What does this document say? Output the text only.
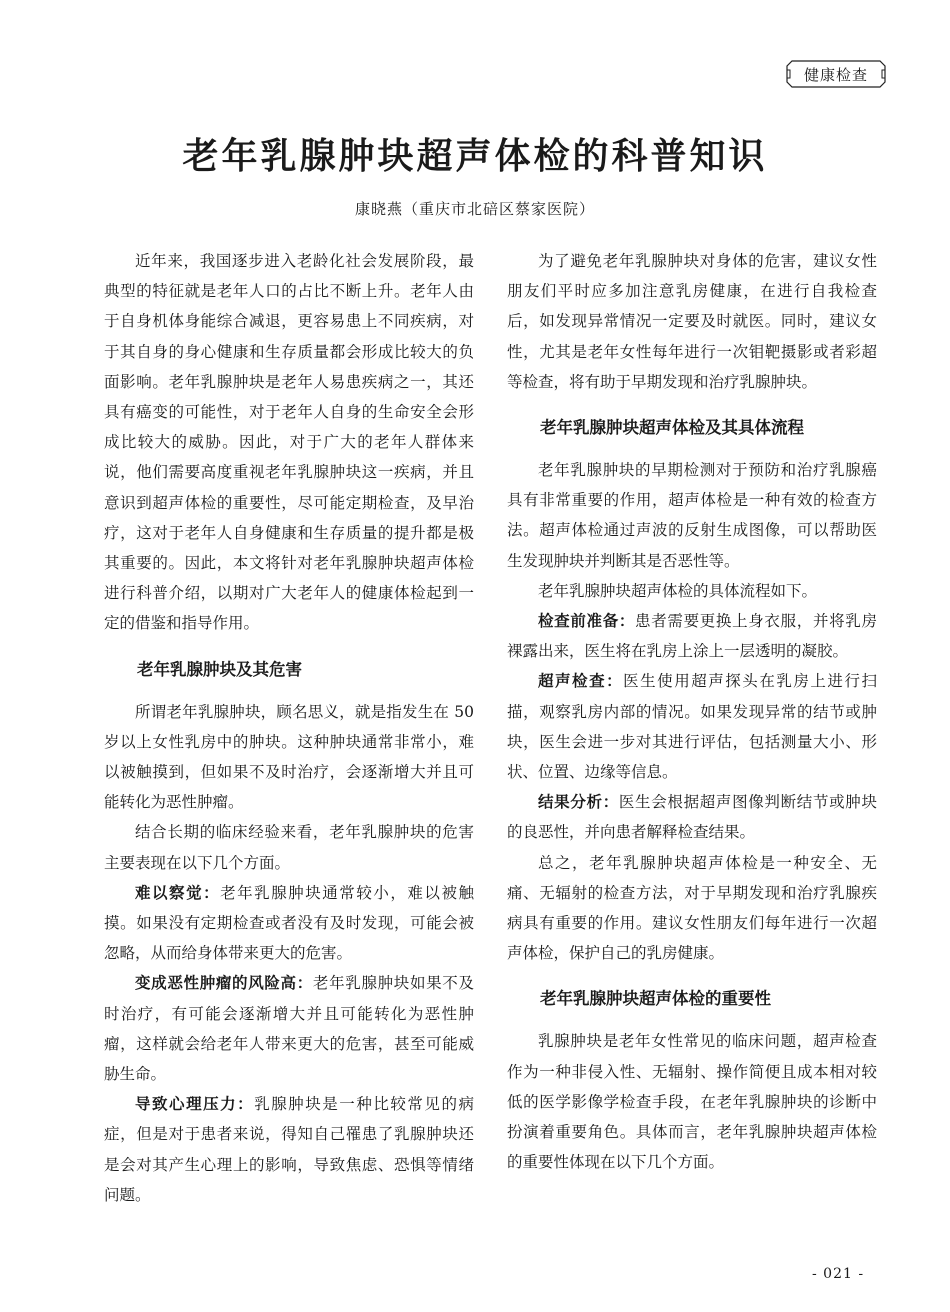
健康检查
老年乳腺肿块超声体检的科普知识
康晓燕（重庆市北碚区蔡家医院）

近年来，我国逐步进入老龄化社会发展阶段，最典型的特征就是老年人口的占比不断上升。老年人由于自身机体身能综合减退，更容易患上不同疾病，对于其自身的身心健康和生存质量都会形成比较大的负面影响。老年乳腺肿块是老年人易患疾病之一，其还具有癌变的可能性，对于老年人自身的生命安全会形成比较大的威胁。因此，对于广大的老年人群体来说，他们需要高度重视老年乳腺肿块这一疾病，并且意识到超声体检的重要性，尽可能定期检查，及早治疗，这对于老年人自身健康和生存质量的提升都是极其重要的。因此，本文将针对老年乳腺肿块超声体检进行科普介绍，以期对广大老年人的健康体检起到一定的借鉴和指导作用。

老年乳腺肿块及其危害

所谓老年乳腺肿块，顾名思义，就是指发生在 50 岁以上女性乳房中的肿块。这种肿块通常非常小，难以被触摸到，但如果不及时治疗，会逐渐增大并且可能转化为恶性肿瘤。

结合长期的临床经验来看，老年乳腺肿块的危害主要表现在以下几个方面。

难以察觉：老年乳腺肿块通常较小，难以被触摸。如果没有定期检查或者没有及时发现，可能会被忽略，从而给身体带来更大的危害。

变成恶性肿瘤的风险高：老年乳腺肿块如果不及时治疗，有可能会逐渐增大并且可能转化为恶性肿瘤，这样就会给老年人带来更大的危害，甚至可能威胁生命。

导致心理压力：乳腺肿块是一种比较常见的病症，但是对于患者来说，得知自己罹患了乳腺肿块还是会对其产生心理上的影响，导致焦虑、恐惧等情绪问题。

为了避免老年乳腺肿块对身体的危害，建议女性朋友们平时应多加注意乳房健康，在进行自我检查后，如发现异常情况一定要及时就医。同时，建议女性，尤其是老年女性每年进行一次钼靶摄影或者彩超等检查，将有助于早期发现和治疗乳腺肿块。

老年乳腺肿块超声体检及其具体流程

老年乳腺肿块的早期检测对于预防和治疗乳腺癌具有非常重要的作用，超声体检是一种有效的检查方法。超声体检通过声波的反射生成图像，可以帮助医生发现肿块并判断其是否恶性等。

老年乳腺肿块超声体检的具体流程如下。

检查前准备：患者需要更换上身衣服，并将乳房裸露出来，医生将在乳房上涂上一层透明的凝胶。

超声检查：医生使用超声探头在乳房上进行扫描，观察乳房内部的情况。如果发现异常的结节或肿块，医生会进一步对其进行评估，包括测量大小、形状、位置、边缘等信息。

结果分析：医生会根据超声图像判断结节或肿块的良恶性，并向患者解释检查结果。

总之，老年乳腺肿块超声体检是一种安全、无痛、无辐射的检查方法，对于早期发现和治疗乳腺疾病具有重要的作用。建议女性朋友们每年进行一次超声体检，保护自己的乳房健康。

老年乳腺肿块超声体检的重要性

乳腺肿块是老年女性常见的临床问题，超声检查作为一种非侵入性、无辐射、操作简便且成本相对较低的医学影像学检查手段，在老年乳腺肿块的诊断中扮演着重要角色。具体而言，老年乳腺肿块超声体检的重要性体现在以下几个方面。

- 021 -
